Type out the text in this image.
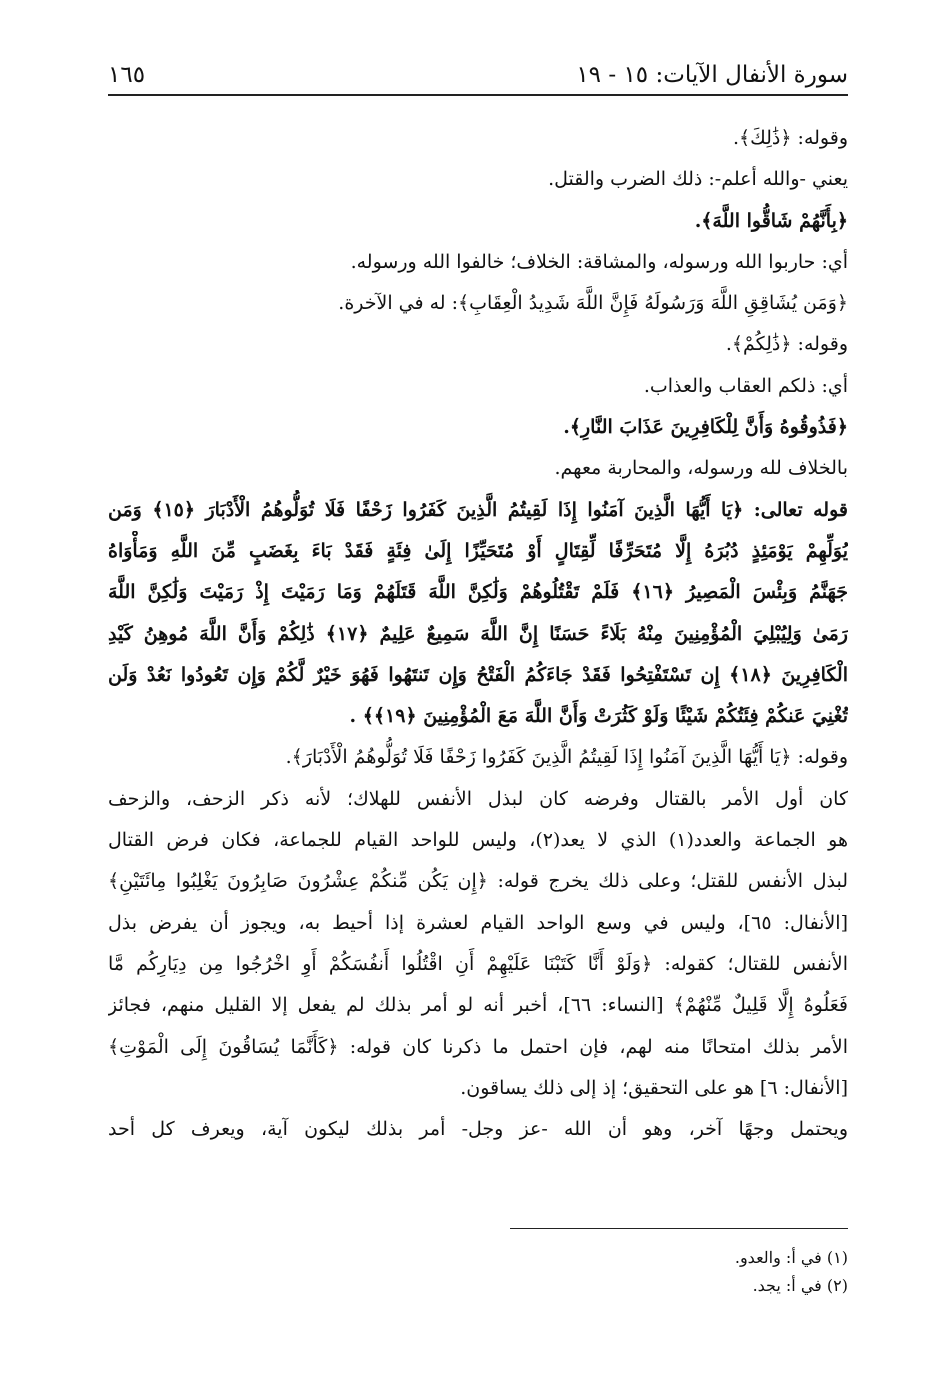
سورة الأنفال الآيات: ١٥ - ١٩
١٦٥
وقوله: ﴿ذَٰلِكَ﴾.
يعني -والله أعلم-: ذلك الضرب والقتل.
﴿بِأَنَّهُمْ شَاقُّوا اللَّهَ﴾.
أي: حاربوا الله ورسوله، والمشاقة: الخلاف؛ خالفوا الله ورسوله.
﴿وَمَن يُشَاقِقِ اللَّهَ وَرَسُولَهُ فَإِنَّ اللَّهَ شَدِيدُ الْعِقَابِ﴾: له في الآخرة.
وقوله: ﴿ذَٰلِكُمْ﴾.
أي: ذلكم العقاب والعذاب.
﴿فَذُوقُوهُ وَأَنَّ لِلْكَافِرِينَ عَذَابَ النَّارِ﴾.
بالخلاف لله ورسوله، والمحاربة معهم.
قوله تعالى: ﴿يَا أَيُّهَا الَّذِينَ آمَنُوا إِذَا لَقِيتُمُ الَّذِينَ كَفَرُوا زَحْفًا فَلَا تُوَلُّوهُمُ الْأَدْبَارَ ﴿١٥﴾ وَمَن
يُوَلِّهِمْ يَوْمَئِذٍ دُبُرَهُ إِلَّا مُتَحَرِّفًا لِّقِتَالٍ أَوْ مُتَحَيِّزًا إِلَىٰ فِئَةٍ فَقَدْ بَاءَ بِغَضَبٍ مِّنَ اللَّهِ وَمَأْوَاهُ
جَهَنَّمُ وَبِئْسَ الْمَصِيرُ ﴿١٦﴾ فَلَمْ تَقْتُلُوهُمْ وَلَٰكِنَّ اللَّهَ قَتَلَهُمْ وَمَا رَمَيْتَ إِذْ رَمَيْتَ وَلَٰكِنَّ اللَّهَ
رَمَىٰ وَلِيُبْلِيَ الْمُؤْمِنِينَ مِنْهُ بَلَاءً حَسَنًا إِنَّ اللَّهَ سَمِيعٌ عَلِيمٌ ﴿١٧﴾ ذَٰلِكُمْ وَأَنَّ اللَّهَ مُوهِنُ كَيْدِ
الْكَافِرِينَ ﴿١٨﴾ إِن تَسْتَفْتِحُوا فَقَدْ جَاءَكُمُ الْفَتْحُ وَإِن تَنتَهُوا فَهُوَ خَيْرٌ لَّكُمْ وَإِن تَعُودُوا نَعُدْ وَلَن
تُغْنِيَ عَنكُمْ فِئَتُكُمْ شَيْئًا وَلَوْ كَثُرَتْ وَأَنَّ اللَّهَ مَعَ الْمُؤْمِنِينَ ﴿١٩﴾﴾ .
وقوله: ﴿يَا أَيُّهَا الَّذِينَ آمَنُوا إِذَا لَقِيتُمُ الَّذِينَ كَفَرُوا زَحْفًا فَلَا تُوَلُّوهُمُ الْأَدْبَارَ﴾.
كان أول الأمر بالقتال وفرضه كان لبذل الأنفس للهلاك؛ لأنه ذكر الزحف، والزحف
هو الجماعة والعدد(١) الذي لا يعد(٢)، وليس للواحد القيام للجماعة، فكان فرض القتال
لبذل الأنفس للقتل؛ وعلى ذلك يخرج قوله: ﴿إِن يَكُن مِّنكُمْ عِشْرُونَ صَابِرُونَ يَغْلِبُوا مِائَتَيْنِ﴾
[الأنفال: ٦٥]، وليس في وسع الواحد القيام لعشرة إذا أحيط به، ويجوز أن يفرض بذل
الأنفس للقتال؛ كقوله: ﴿وَلَوْ أَنَّا كَتَبْنَا عَلَيْهِمْ أَنِ اقْتُلُوا أَنفُسَكُمْ أَوِ اخْرُجُوا مِن دِيَارِكُم مَّا
فَعَلُوهُ إِلَّا قَلِيلٌ مِّنْهُمْ﴾ [النساء: ٦٦]، أخبر أنه لو أمر بذلك لم يفعل إلا القليل منهم، فجائز
الأمر بذلك امتحانًا منه لهم، فإن احتمل ما ذكرنا كان قوله: ﴿كَأَنَّمَا يُسَاقُونَ إِلَى الْمَوْتِ﴾
[الأنفال: ٦] هو على التحقيق؛ إذ إلى ذلك يساقون.
ويحتمل وجهًا آخر، وهو أن الله -عز وجل- أمر بذلك ليكون آية، ويعرف كل أحد
(١) في أ: والعدو.
(٢) في أ: يجد.
